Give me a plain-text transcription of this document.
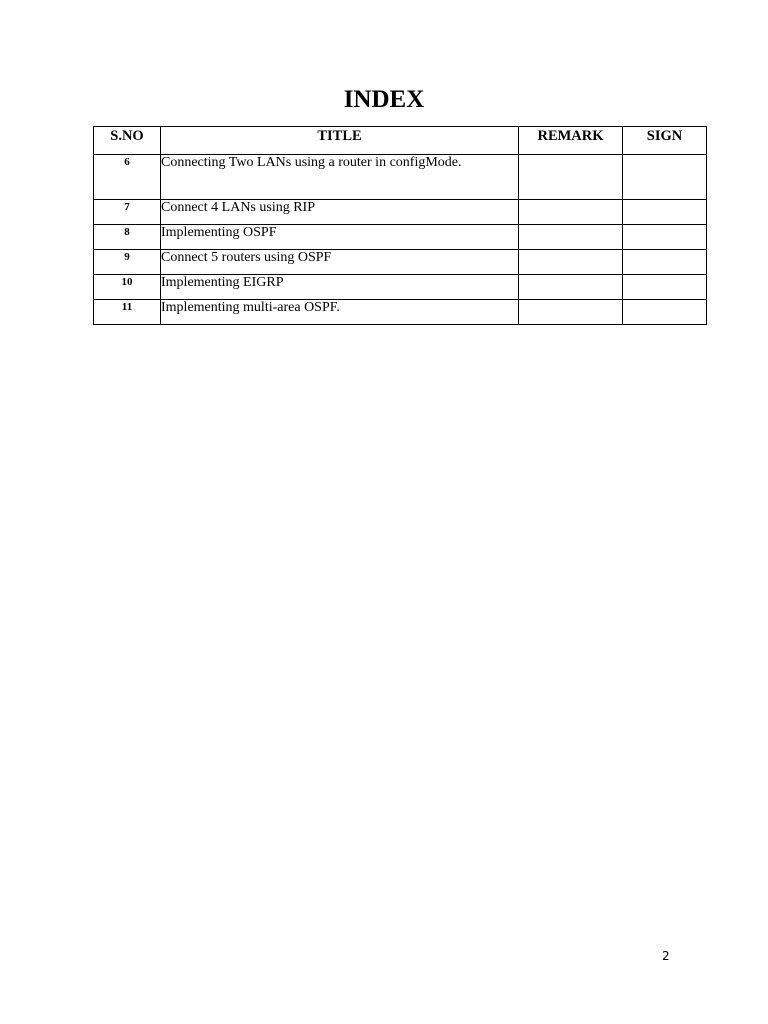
INDEX
S.NO	TITLE	REMARK	SIGN
6	Connecting Two LANs using a router in configMode.		
7	Connect 4 LANs using RIP		
8	Implementing OSPF		
9	Connect 5 routers using OSPF		
10	Implementing EIGRP		
11	Implementing multi-area OSPF.		
2
